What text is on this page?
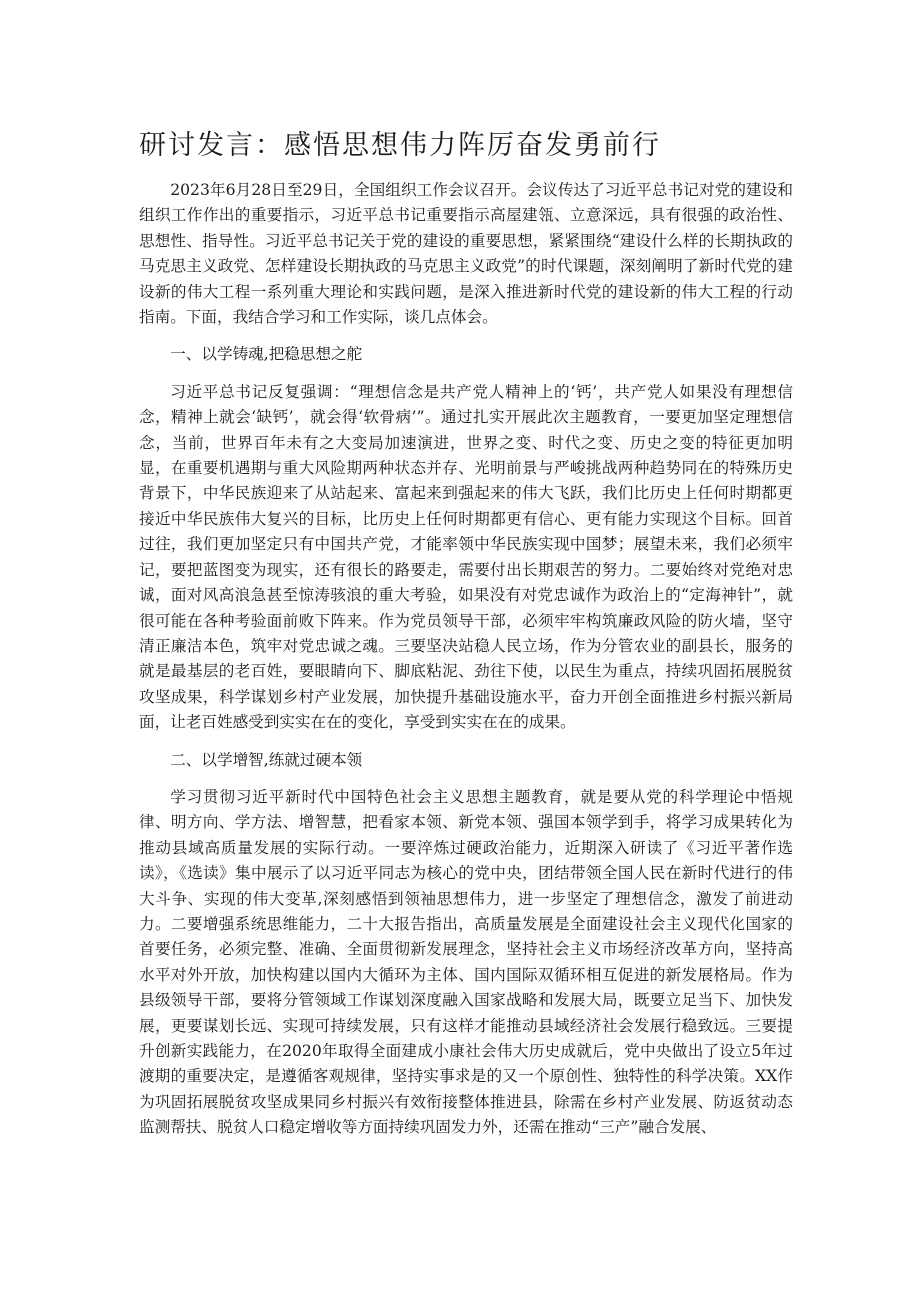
研讨发言：感悟思想伟力阵厉奋发勇前行

2023年6月28日至29日，全国组织工作会议召开。会议传达了习近平总书记对党的建设和组织工作作出的重要指示，习近平总书记重要指示高屋建瓴、立意深远，具有很强的政治性、思想性、指导性。习近平总书记关于党的建设的重要思想，紧紧围绕“建设什么样的长期执政的马克思主义政党、怎样建设长期执政的马克思主义政党”的时代课题，深刻阐明了新时代党的建设新的伟大工程一系列重大理论和实践问题，是深入推进新时代党的建设新的伟大工程的行动指南。下面，我结合学习和工作实际，谈几点体会。

一、以学铸魂,把稳思想之舵

习近平总书记反复强调：“理想信念是共产党人精神上的‘钙’，共产党人如果没有理想信念，精神上就会‘缺钙’，就会得‘软骨病’”。通过扎实开展此次主题教育，一要更加坚定理想信念，当前，世界百年未有之大变局加速演进，世界之变、时代之变、历史之变的特征更加明显，在重要机遇期与重大风险期两种状态并存、光明前景与严峻挑战两种趋势同在的特殊历史背景下，中华民族迎来了从站起来、富起来到强起来的伟大飞跃，我们比历史上任何时期都更接近中华民族伟大复兴的目标，比历史上任何时期都更有信心、更有能力实现这个目标。回首过往，我们更加坚定只有中国共产党，才能率领中华民族实现中国梦；展望未来，我们必须牢记，要把蓝图变为现实，还有很长的路要走，需要付出长期艰苦的努力。二要始终对党绝对忠诚，面对风高浪急甚至惊涛骇浪的重大考验，如果没有对党忠诚作为政治上的“定海神针”，就很可能在各种考验面前败下阵来。作为党员领导干部，必须牢牢构筑廉政风险的防火墙，坚守清正廉洁本色，筑牢对党忠诚之魂。三要坚决站稳人民立场，作为分管农业的副县长，服务的就是最基层的老百姓，要眼睛向下、脚底粘泥、劲往下使，以民生为重点，持续巩固拓展脱贫攻坚成果，科学谋划乡村产业发展，加快提升基础设施水平，奋力开创全面推进乡村振兴新局面，让老百姓感受到实实在在的变化，享受到实实在在的成果。

二、以学增智,练就过硬本领

学习贯彻习近平新时代中国特色社会主义思想主题教育，就是要从党的科学理论中悟规律、明方向、学方法、增智慧，把看家本领、新党本领、强国本领学到手，将学习成果转化为推动县域高质量发展的实际行动。一要淬炼过硬政治能力，近期深入研读了《习近平著作选读》，《选读》集中展示了以习近平同志为核心的党中央，团结带领全国人民在新时代进行的伟大斗争、实现的伟大变革,深刻感悟到领袖思想伟力，进一步坚定了理想信念，激发了前进动力。二要增强系统思维能力，二十大报告指出，高质量发展是全面建设社会主义现代化国家的首要任务，必须完整、准确、全面贯彻新发展理念，坚持社会主义市场经济改革方向，坚持高水平对外开放，加快构建以国内大循环为主体、国内国际双循环相互促进的新发展格局。作为县级领导干部，要将分管领域工作谋划深度融入国家战略和发展大局，既要立足当下、加快发展，更要谋划长远、实现可持续发展，只有这样才能推动县域经济社会发展行稳致远。三要提升创新实践能力，在2020年取得全面建成小康社会伟大历史成就后，党中央做出了设立5年过渡期的重要决定，是遵循客观规律，坚持实事求是的又一个原创性、独特性的科学决策。XX作为巩固拓展脱贫攻坚成果同乡村振兴有效衔接整体推进县，除需在乡村产业发展、防返贫动态监测帮扶、脱贫人口稳定增收等方面持续巩固发力外，还需在推动“三产”融合发展、
